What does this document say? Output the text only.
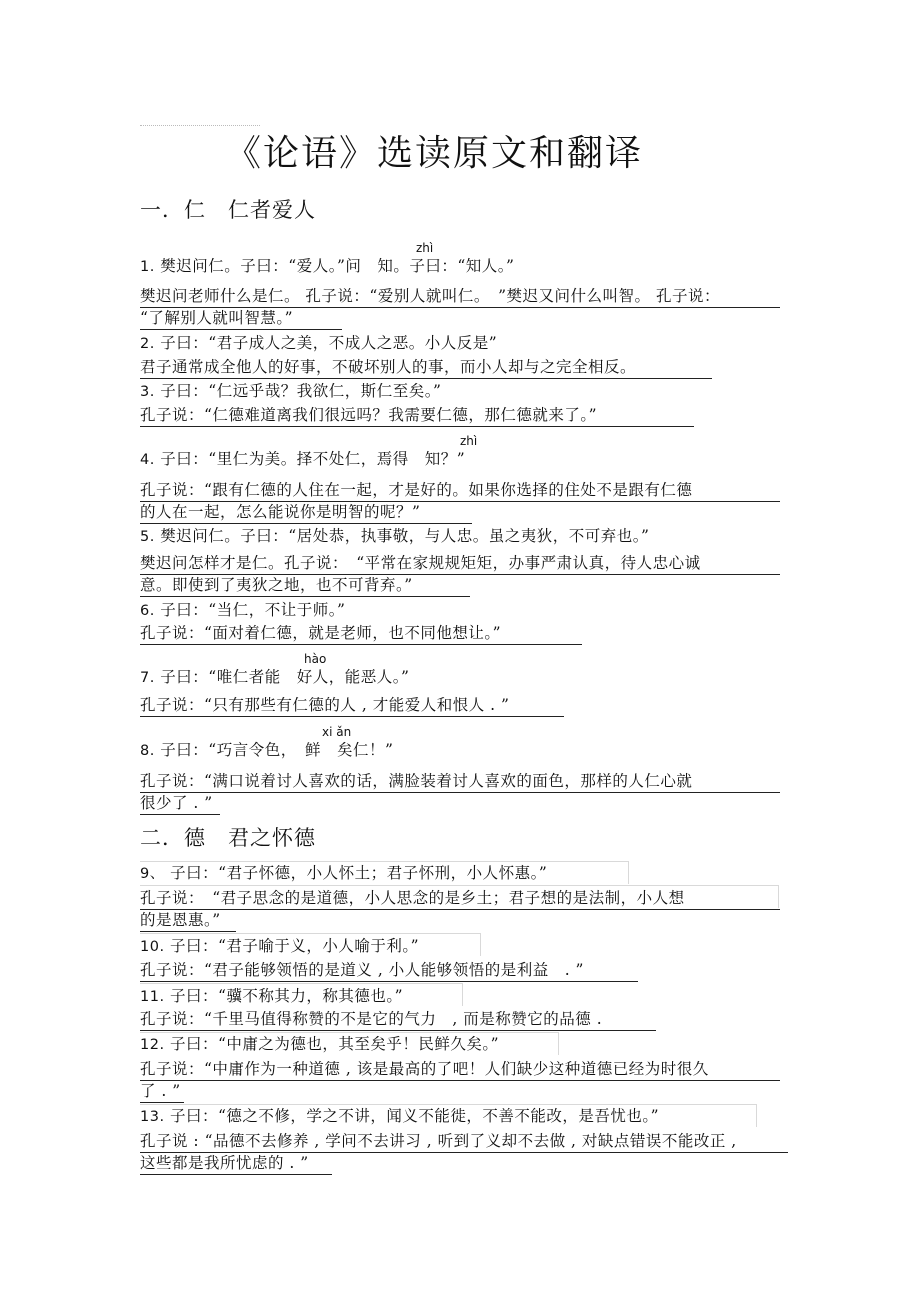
《论语》选读原文和翻译
一．仁　仁者爱人
zhì
1. 樊迟问仁。子曰：“爱人。”问　知。子曰：“知人。”
樊迟问老师什么是仁。 孔子说：“爱别人就叫仁。　”樊迟又问什么叫智。 孔子说：
“了解别人就叫智慧。”
2. 子曰：“君子成人之美，不成人之恶。小人反是”
君子通常成全他人的好事，不破坏别人的事，而小人却与之完全相反。
3. 子曰：“仁远乎哉？我欲仁，斯仁至矣。”
孔子说：“仁德难道离我们很远吗？我需要仁德，那仁德就来了。”
zhì
4. 子曰：“里仁为美。择不处仁，焉得　知？”
孔子说：“跟有仁德的人住在一起，才是好的。如果你选择的住处不是跟有仁德
的人在一起，怎么能说你是明智的呢？”
5. 樊迟问仁。子曰：“居处恭，执事敬，与人忠。虽之夷狄，不可弃也。”
樊迟问怎样才是仁。孔子说：　“平常在家规规矩矩，办事严肃认真，待人忠心诚
意。即使到了夷狄之地，也不可背弃。”
6. 子曰：“当仁，不让于师。”
孔子说：“面对着仁德，就是老师，也不同他想让。”
hào
7. 子曰：“唯仁者能　好人，能恶人。”
孔子说：“只有那些有仁德的人 , 才能爱人和恨人 . ”
xi ǎn
8. 子曰：“巧言令色，　鲜　矣仁！”
孔子说：“满口说着讨人喜欢的话，满脸装着讨人喜欢的面色，那样的人仁心就
很少了 . ”
二．德　君之怀德
9、 子曰：“君子怀德，小人怀土；君子怀刑，小人怀惠。”
孔子说：　“君子思念的是道德，小人思念的是乡土；君子想的是法制，小人想
的是恩惠。”
10. 子曰：“君子喻于义，小人喻于利。”
孔子说：“君子能够领悟的是道义 , 小人能够领悟的是利益　. ”
11. 子曰：“骥不称其力，称其德也。”
孔子说：“千里马值得称赞的不是它的气力　, 而是称赞它的品德 .
12. 子曰：“中庸之为德也，其至矣乎！民鲜久矣。”
孔子说：“中庸作为一种道德 , 该是最高的了吧！人们缺少这种道德已经为时很久
了 . ”
13. 子曰：“德之不修，学之不讲，闻义不能徙，不善不能改，是吾忧也。”
孔子说 : “品德不去修养 , 学问不去讲习 , 听到了义却不去做 , 对缺点错误不能改正 ,
这些都是我所忧虑的 . ”
